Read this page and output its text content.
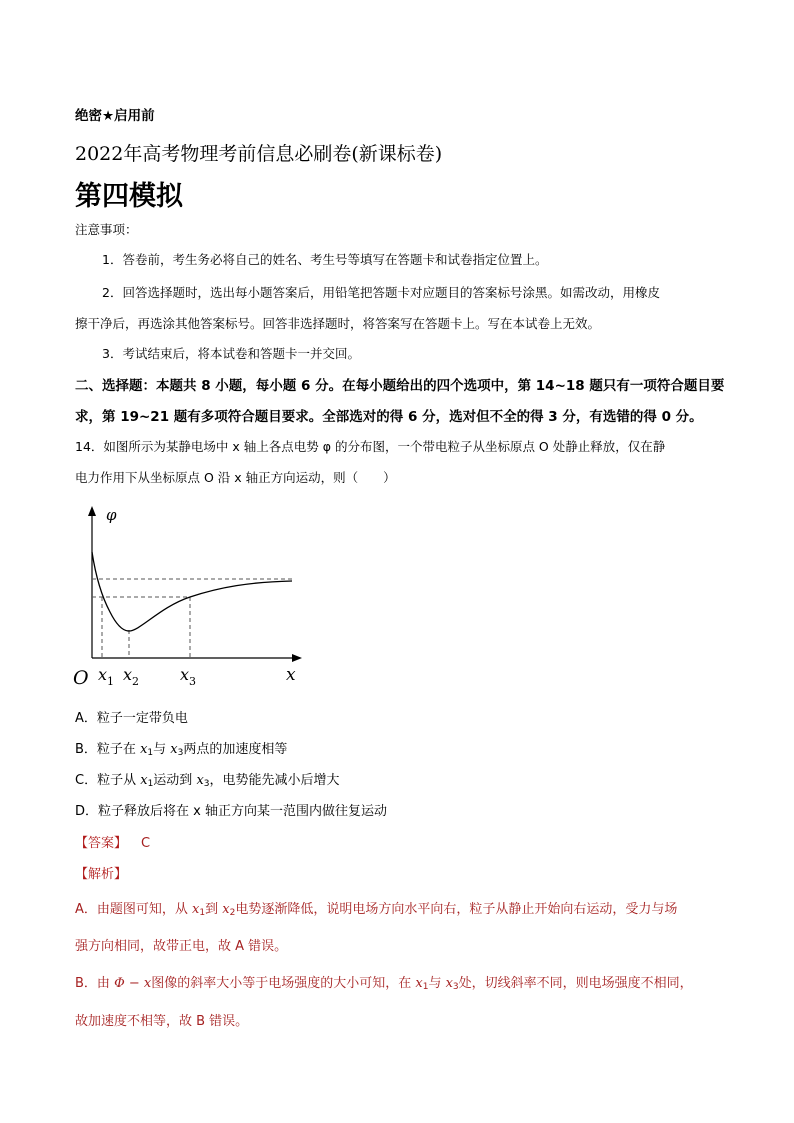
绝密★启用前
2022年高考物理考前信息必刷卷(新课标卷)
第四模拟
注意事项：
1．答卷前，考生务必将自己的姓名、考生号等填写在答题卡和试卷指定位置上。
2．回答选择题时，选出每小题答案后，用铅笔把答题卡对应题目的答案标号涂黑。如需改动，用橡皮
擦干净后，再选涂其他答案标号。回答非选择题时，将答案写在答题卡上。写在本试卷上无效。
3．考试结束后，将本试卷和答题卡一并交回。
二、选择题：本题共 8 小题，每小题 6 分。在每小题给出的四个选项中，第 14~18 题只有一项符合题目要
求，第 19~21 题有多项符合题目要求。全部选对的得 6 分，选对但不全的得 3 分，有选错的得 0 分。
14．如图所示为某静电场中 x 轴上各点电势 φ 的分布图，一个带电粒子从坐标原点 O 处静止释放，仅在静
电力作用下从坐标原点 O 沿 x 轴正方向运动，则（　　）
φ
O	x
$x_1$ $x_2$	$x_3$
A．粒子一定带负电
B．粒子在 $x_1$与 $x_3$两点的加速度相等
C．粒子从 $x_1$运动到 $x_3$，电势能先减小后增大
D．粒子释放后将在 x 轴正方向某一范围内做往复运动
【答案】 C
【解析】
A．由题图可知，从 $x_1$到 $x_2$电势逐渐降低，说明电场方向水平向右，粒子从静止开始向右运动，受力与场
强方向相同，故带正电，故 A 错误。
B．由 Φ − x图像的斜率大小等于电场强度的大小可知，在 $x_1$与 $x_3$处，切线斜率不同，则电场强度不相同，
故加速度不相等，故 B 错误。
